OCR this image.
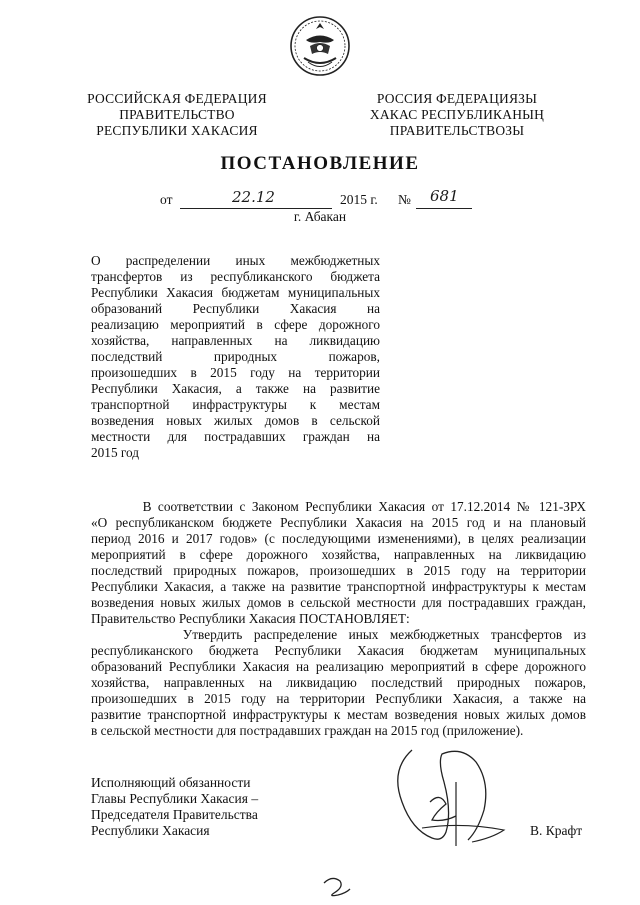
РОССИЙСКАЯ ФЕДЕРАЦИЯ
ПРАВИТЕЛЬСТВО
РЕСПУБЛИКИ ХАКАСИЯ
РОССИЯ ФЕДЕРАЦИЯЗЫ
ХАКАС РЕСПУБЛИКАНЫҢ
ПРАВИТЕЛЬСТВОЗЫ
ПОСТАНОВЛЕНИЕ
от	22.12	2015 г. № 681
г. Абакан
О распределении иных межбюджетных
трансфертов из республиканского бюджета
Республики Хакасия бюджетам муниципальных
образований Республики Хакасия на
реализацию мероприятий в сфере дорожного
хозяйства, направленных на ликвидацию
последствий природных пожаров,
произошедших в 2015 году на территории
Республики Хакасия, а также на развитие
транспортной инфраструктуры к местам
возведения новых жилых домов в сельской
местности для пострадавших граждан на
2015 год
В соответствии с Законом Республики Хакасия от 17.12.2014 № 121-ЗРХ
«О республиканском бюджете Республики Хакасия на 2015 год и на плановый
период 2016 и 2017 годов» (с последующими изменениями), в целях реализации
мероприятий в сфере дорожного хозяйства, направленных на ликвидацию
последствий природных пожаров, произошедших в 2015 году на территории
Республики Хакасия, а также на развитие транспортной инфраструктуры к местам
возведения новых жилых домов в сельской местности для пострадавших граждан,
Правительство Республики Хакасия ПОСТАНОВЛЯЕТ:
Утвердить распределение иных межбюджетных трансфертов из
республиканского бюджета Республики Хакасия бюджетам муниципальных
образований Республики Хакасия на реализацию мероприятий в сфере дорожного
хозяйства, направленных на ликвидацию последствий природных пожаров,
произошедших в 2015 году на территории Республики Хакасия, а также на
развитие транспортной инфраструктуры к местам возведения новых жилых домов
в сельской местности для пострадавших граждан на 2015 год (приложение).
Исполняющий обязанности
Главы Республики Хакасия –
Председателя Правительства
Республики Хакасия	В. Крафт
